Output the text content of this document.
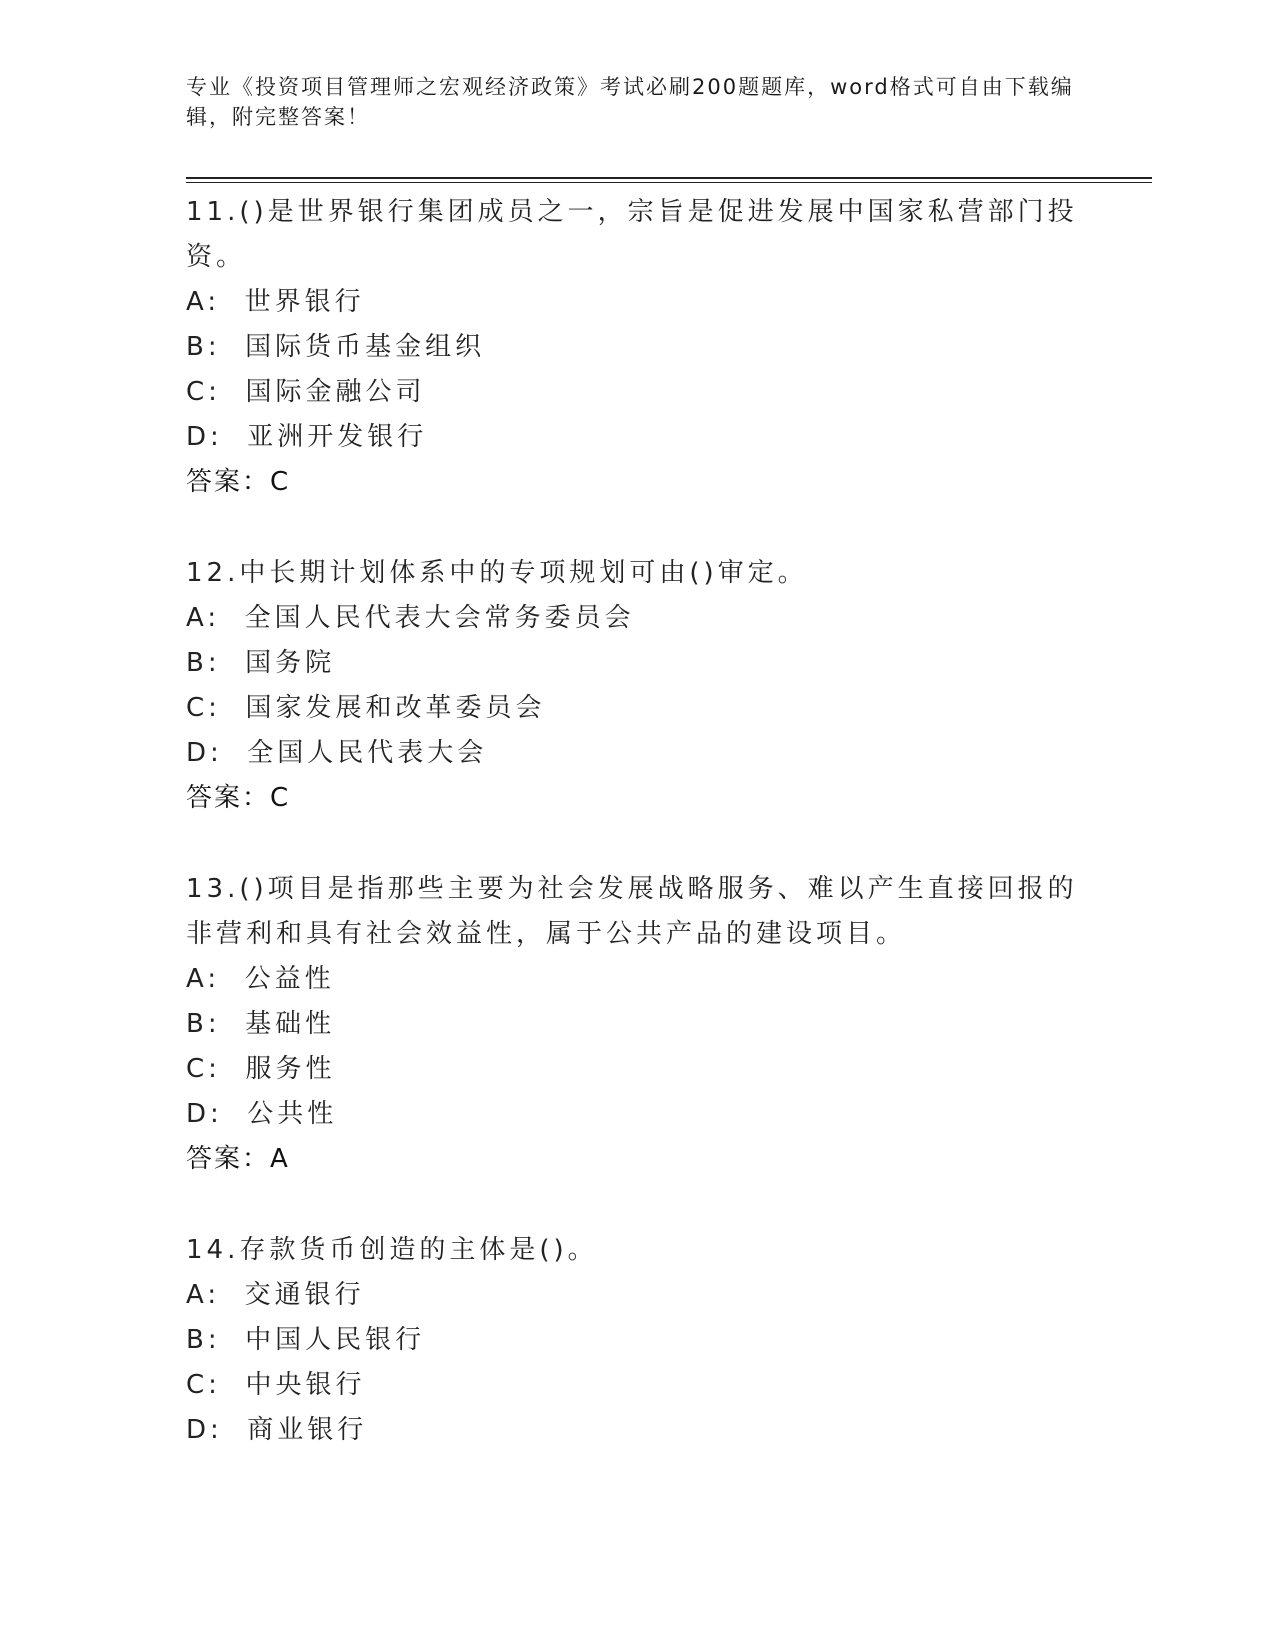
专业《投资项目管理师之宏观经济政策》考试必刷200题题库，word格式可自由下载编辑，附完整答案！
11.()是世界银行集团成员之一，宗旨是促进发展中国家私营部门投资。
A:  世界银行
B:  国际货币基金组织
C:  国际金融公司
D:  亚洲开发银行
答案：C
12.中长期计划体系中的专项规划可由()审定。
A:  全国人民代表大会常务委员会
B:  国务院
C:  国家发展和改革委员会
D:  全国人民代表大会
答案：C
13.()项目是指那些主要为社会发展战略服务、难以产生直接回报的非营利和具有社会效益性，属于公共产品的建设项目。
A:  公益性
B:  基础性
C:  服务性
D:  公共性
答案：A
14.存款货币创造的主体是()。
A:  交通银行
B:  中国人民银行
C:  中央银行
D:  商业银行
